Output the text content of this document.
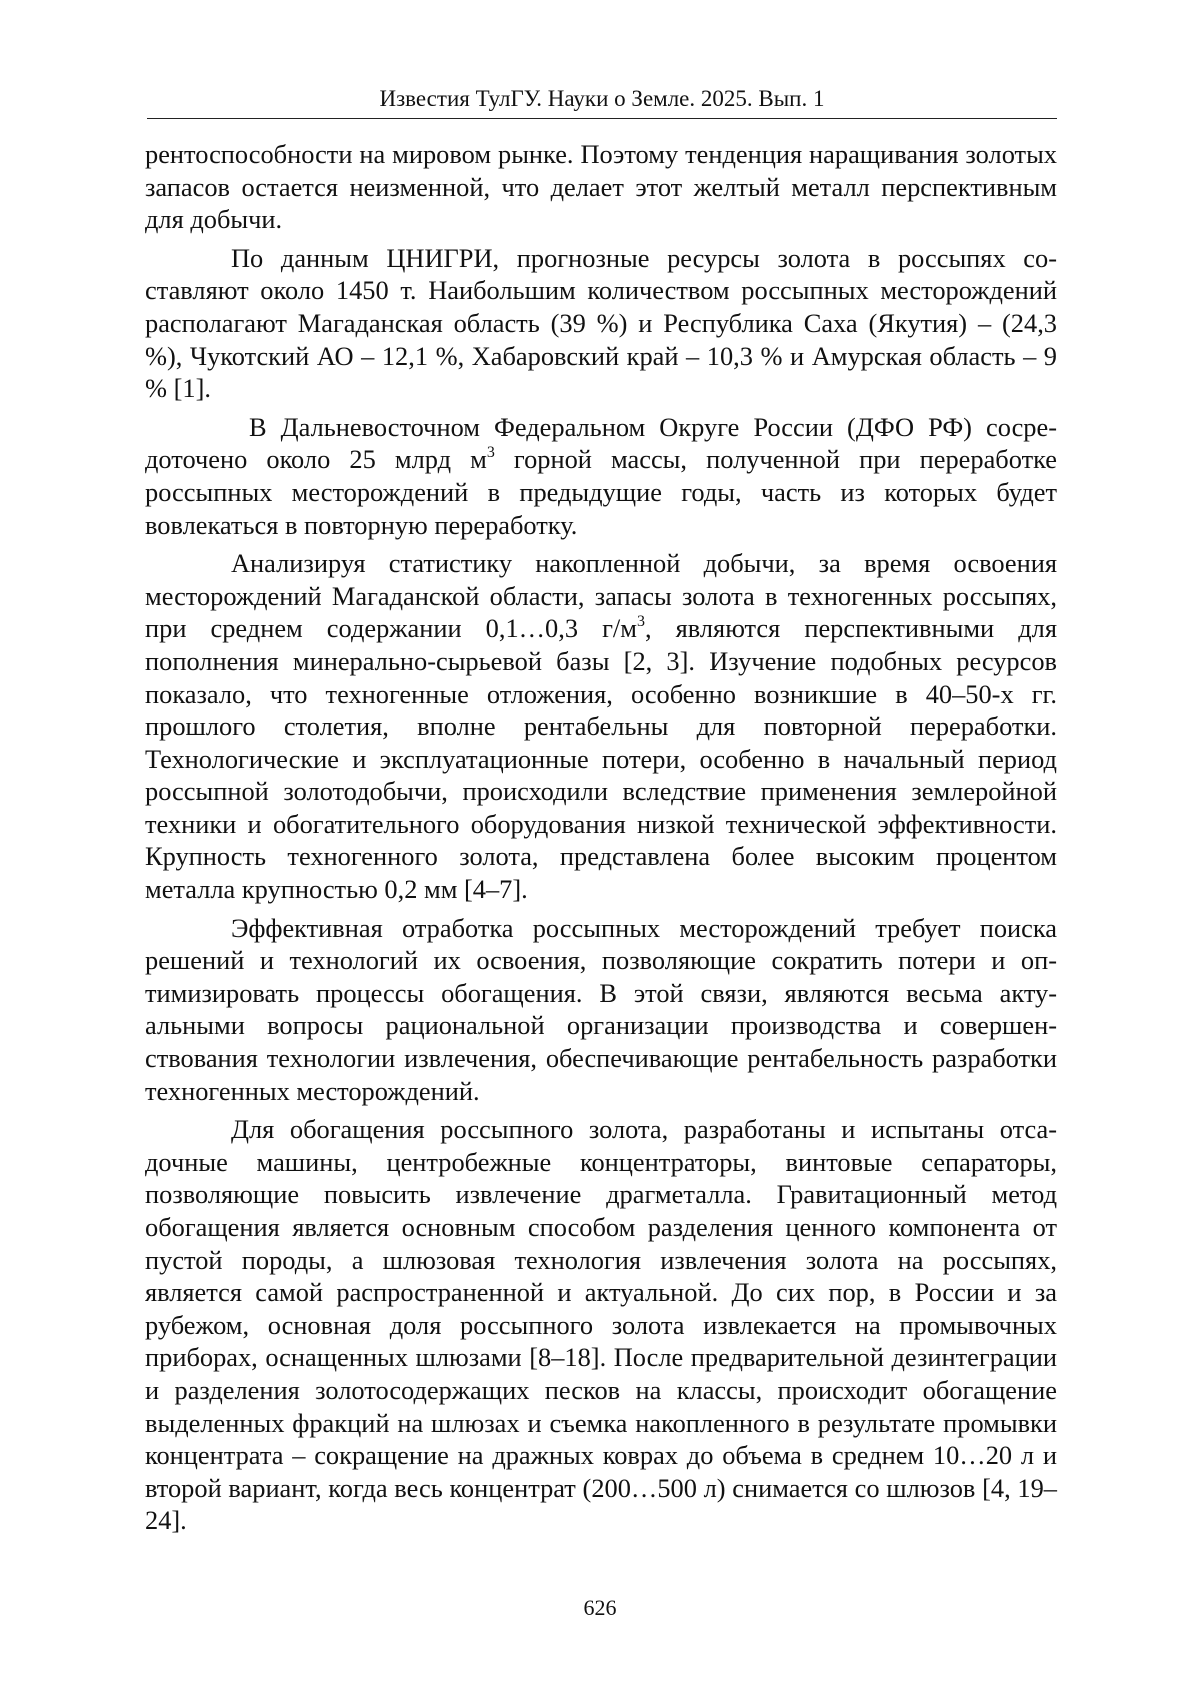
Известия ТулГУ. Науки о Земле. 2025. Вып. 1

рентоспособности на мировом рынке. Поэтому тенденция наращивания золотых запасов остается неизменной, что делает этот желтый металл перспективным для добычи.

По данным ЦНИГРИ, прогнозные ресурсы золота в россыпях составляют около 1450 т. Наибольшим количеством россыпных месторождений располагают Магаданская область (39 %) и Республика Саха (Якутия) – (24,3 %), Чукотский АО – 12,1 %, Хабаровский край – 10,3 % и Амурская область – 9 % [1].

В Дальневосточном Федеральном Округе России (ДФО РФ) сосредоточено около 25 млрд $м^3$ горной массы, полученной при переработке россыпных месторождений в предыдущие годы, часть из которых будет вовлекаться в повторную переработку.

Анализируя статистику накопленной добычи, за время освоения месторождений Магаданской области, запасы золота в техногенных россыпях, при среднем содержании 0,1…0,3 $г/м^3$, являются перспективными для пополнения минерально-сырьевой базы [2, 3]. Изучение подобных ресурсов показало, что техногенные отложения, особенно возникшие в 40–50-х гг. прошлого столетия, вполне рентабельны для повторной переработки. Технологические и эксплуатационные потери, особенно в начальный период россыпной золотодобычи, происходили вследствие применения землеройной техники и обогатительного оборудования низкой технической эффективности. Крупность техногенного золота, представлена более высоким процентом металла крупностью 0,2 мм [4–7].

Эффективная отработка россыпных месторождений требует поиска решений и технологий их освоения, позволяющие сократить потери и оптимизировать процессы обогащения. В этой связи, являются весьма актуальными вопросы рациональной организации производства и совершенствования технологии извлечения, обеспечивающие рентабельность разработки техногенных месторождений.

Для обогащения россыпного золота, разработаны и испытаны отсадочные машины, центробежные концентраторы, винтовые сепараторы, позволяющие повысить извлечение драгметалла. Гравитационный метод обогащения является основным способом разделения ценного компонента от пустой породы, а шлюзовая технология извлечения золота на россыпях, является самой распространенной и актуальной. До сих пор, в России и за рубежом, основная доля россыпного золота извлекается на промывочных приборах, оснащенных шлюзами [8–18]. После предварительной дезинтеграции и разделения золотосодержащих песков на классы, происходит обогащение выделенных фракций на шлюзах и съемка накопленного в результате промывки концентрата – сокращение на дражных коврах до объема в среднем 10…20 л и второй вариант, когда весь концентрат (200…500 л) снимается со шлюзов [4, 19–24].

626
